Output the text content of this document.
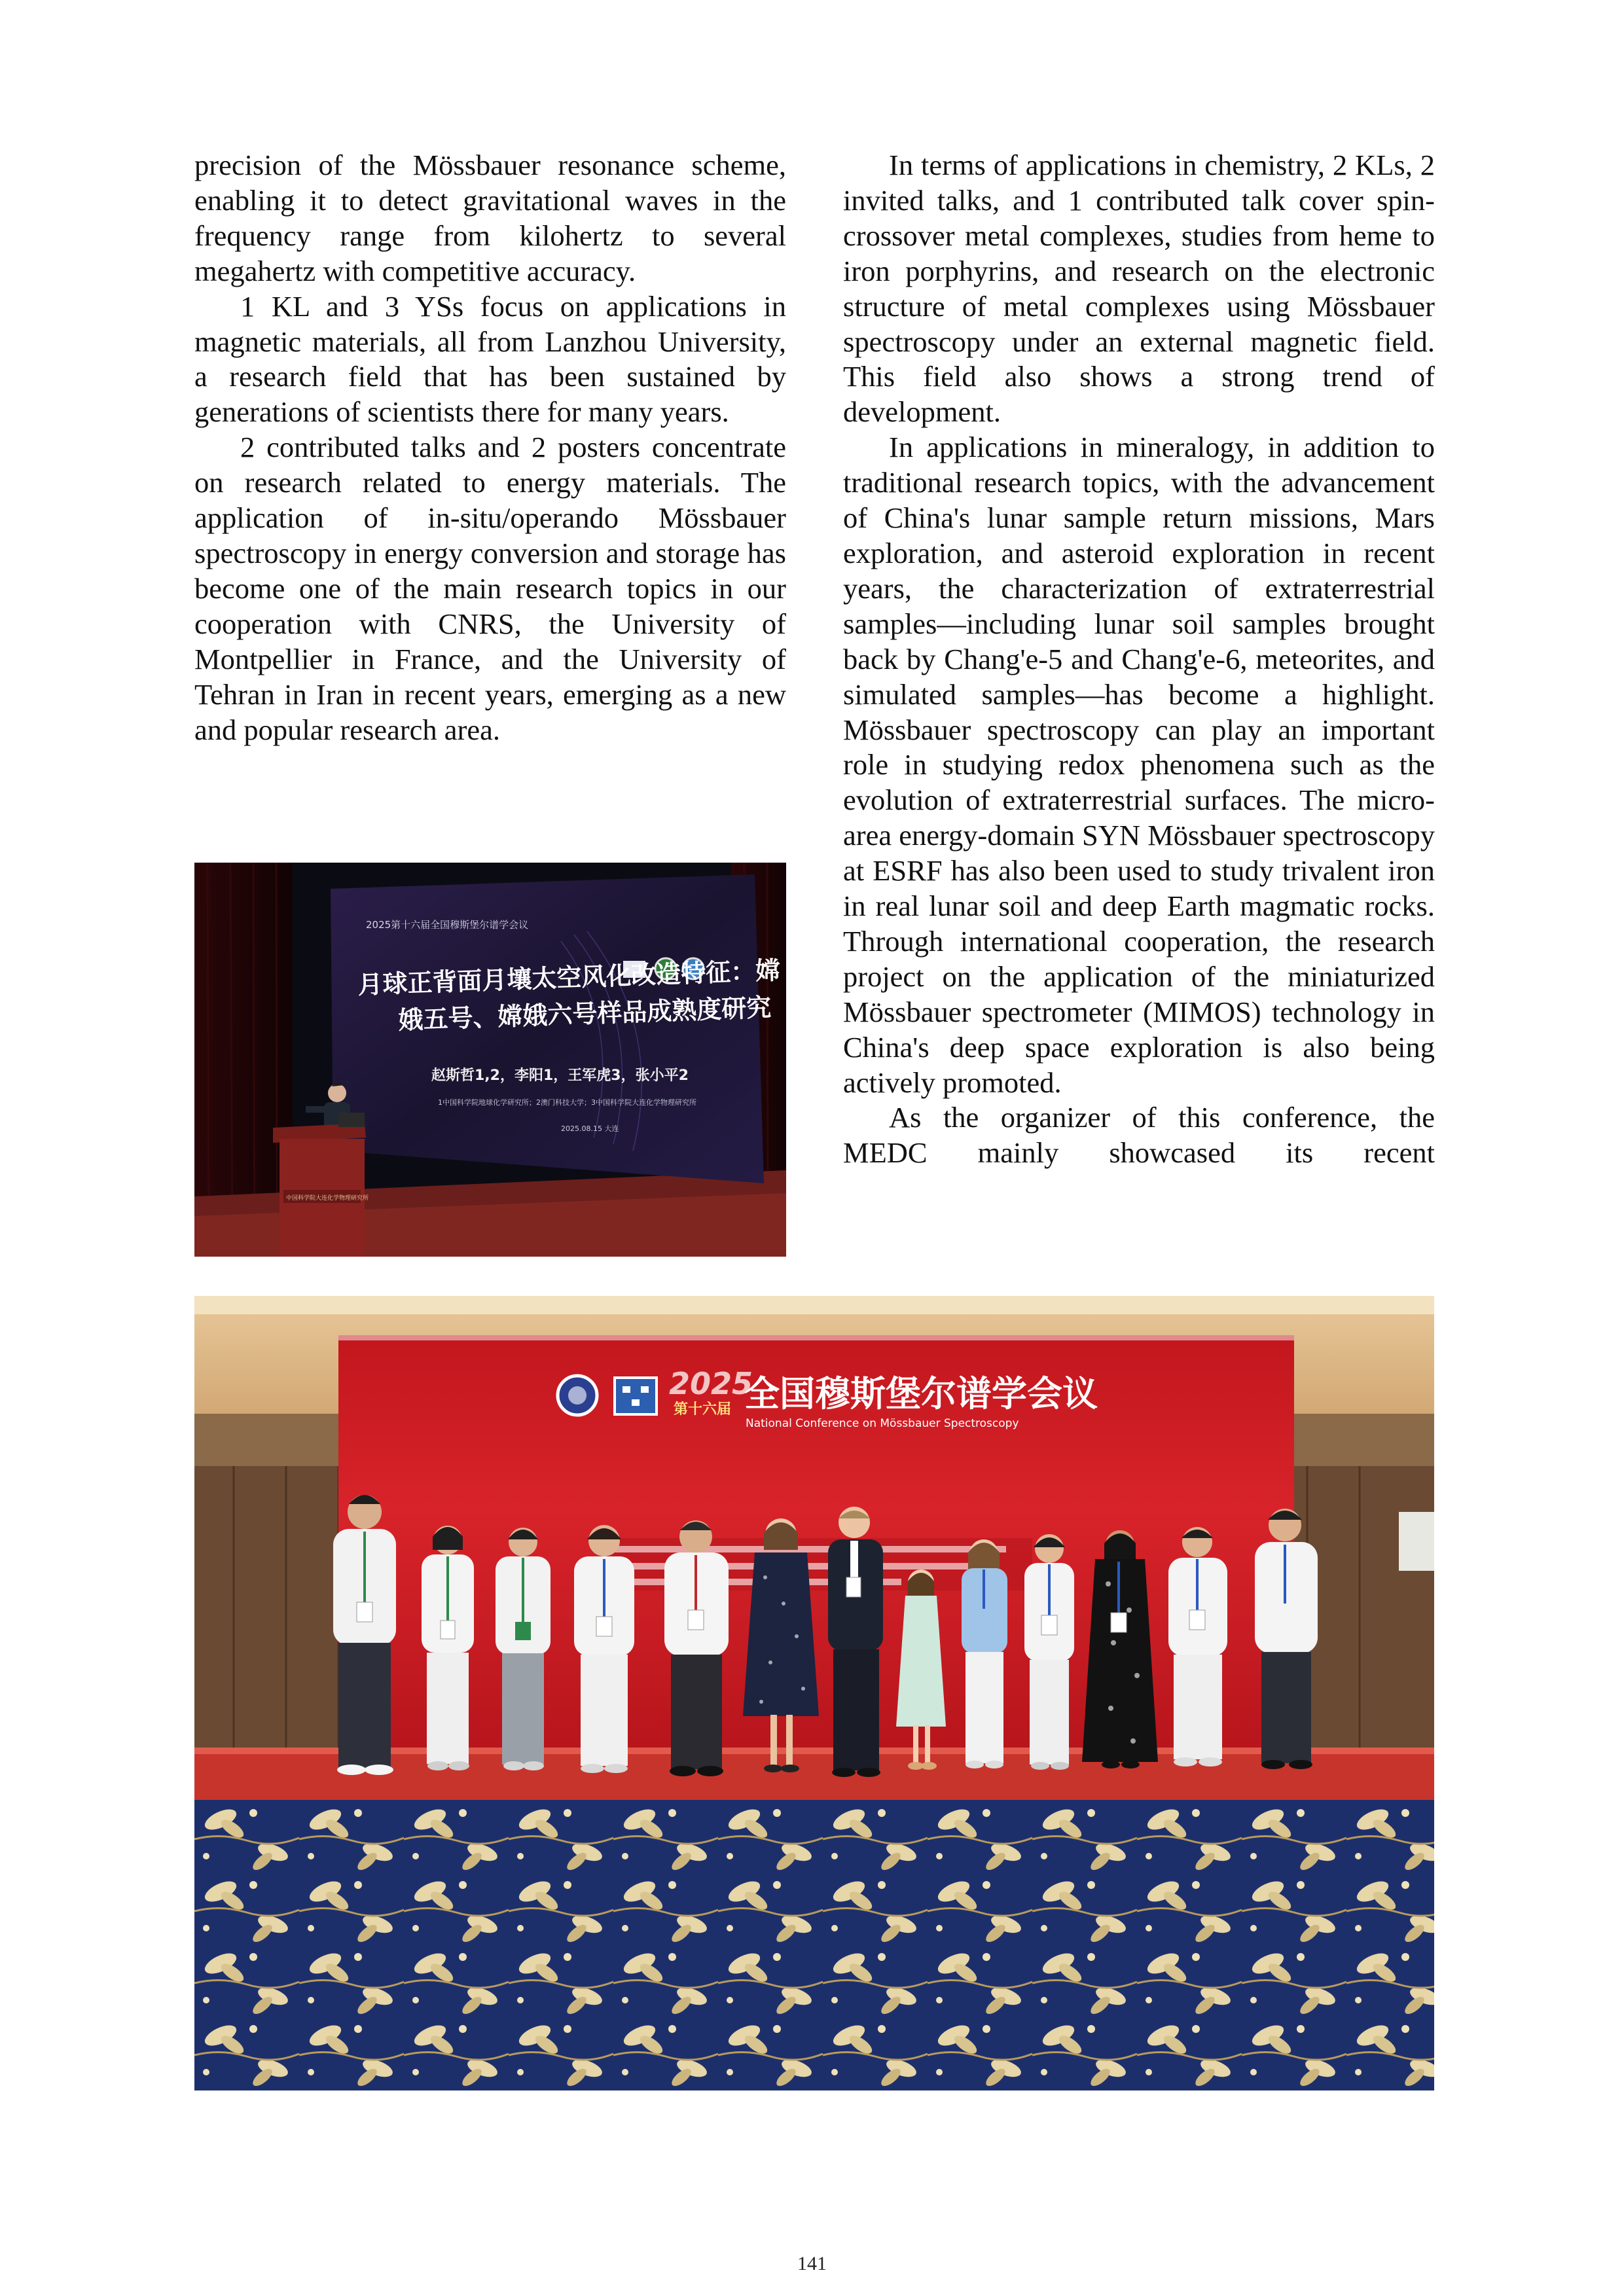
precision of the Mössbauer resonance scheme, enabling it to detect gravitational waves in the frequency range from kilohertz to several megahertz with competitive accuracy.

1 KL and 3 YSs focus on applications in magnetic materials, all from Lanzhou University, a research field that has been sustained by generations of scientists there for many years.

2 contributed talks and 2 posters concentrate on research related to energy materials. The application of in-situ/operando Mössbauer spectroscopy in energy conversion and storage has become one of the main research topics in our cooperation with CNRS, the University of Montpellier in France, and the University of Tehran in Iran in recent years, emerging as a new and popular research area.

In terms of applications in chemistry, 2 KLs, 2 invited talks, and 1 contributed talk cover spin-crossover metal complexes, studies from heme to iron porphyrins, and research on the electronic structure of metal complexes using Mössbauer spectroscopy under an external magnetic field. This field also shows a strong trend of development.

In applications in mineralogy, in addition to traditional research topics, with the advancement of China's lunar sample return missions, Mars exploration, and asteroid exploration in recent years, the characterization of extraterrestrial samples—including lunar soil samples brought back by Chang'e-5 and Chang'e-6, meteorites, and simulated samples—has become a highlight. Mössbauer spectroscopy can play an important role in studying redox phenomena such as the evolution of extraterrestrial surfaces. The micro-area energy-domain SYN Mössbauer spectroscopy at ESRF has also been used to study trivalent iron in real lunar soil and deep Earth magmatic rocks. Through international cooperation, the research project on the application of the miniaturized Mössbauer spectrometer (MIMOS) technology in China's deep space exploration is also being actively promoted.

As the organizer of this conference, the MEDC mainly showcased its recent

2025第十六届全国穆斯堡尔谱学会议
月球正背面月壤太空风化改造特征：嫦
娥五号、嫦娥六号样品成熟度研究
赵斯哲1,2，李阳1，王军虎3，张小平2
1中国科学院地球化学研究所；2澳门科技大学；3中国科学院大连化学物理研究所
2025.08.15 大连
中国科学院大连化学物理研究所
2025
第十六届 全国穆斯堡尔谱学会议
National Conference on Mössbauer Spectroscopy
141
